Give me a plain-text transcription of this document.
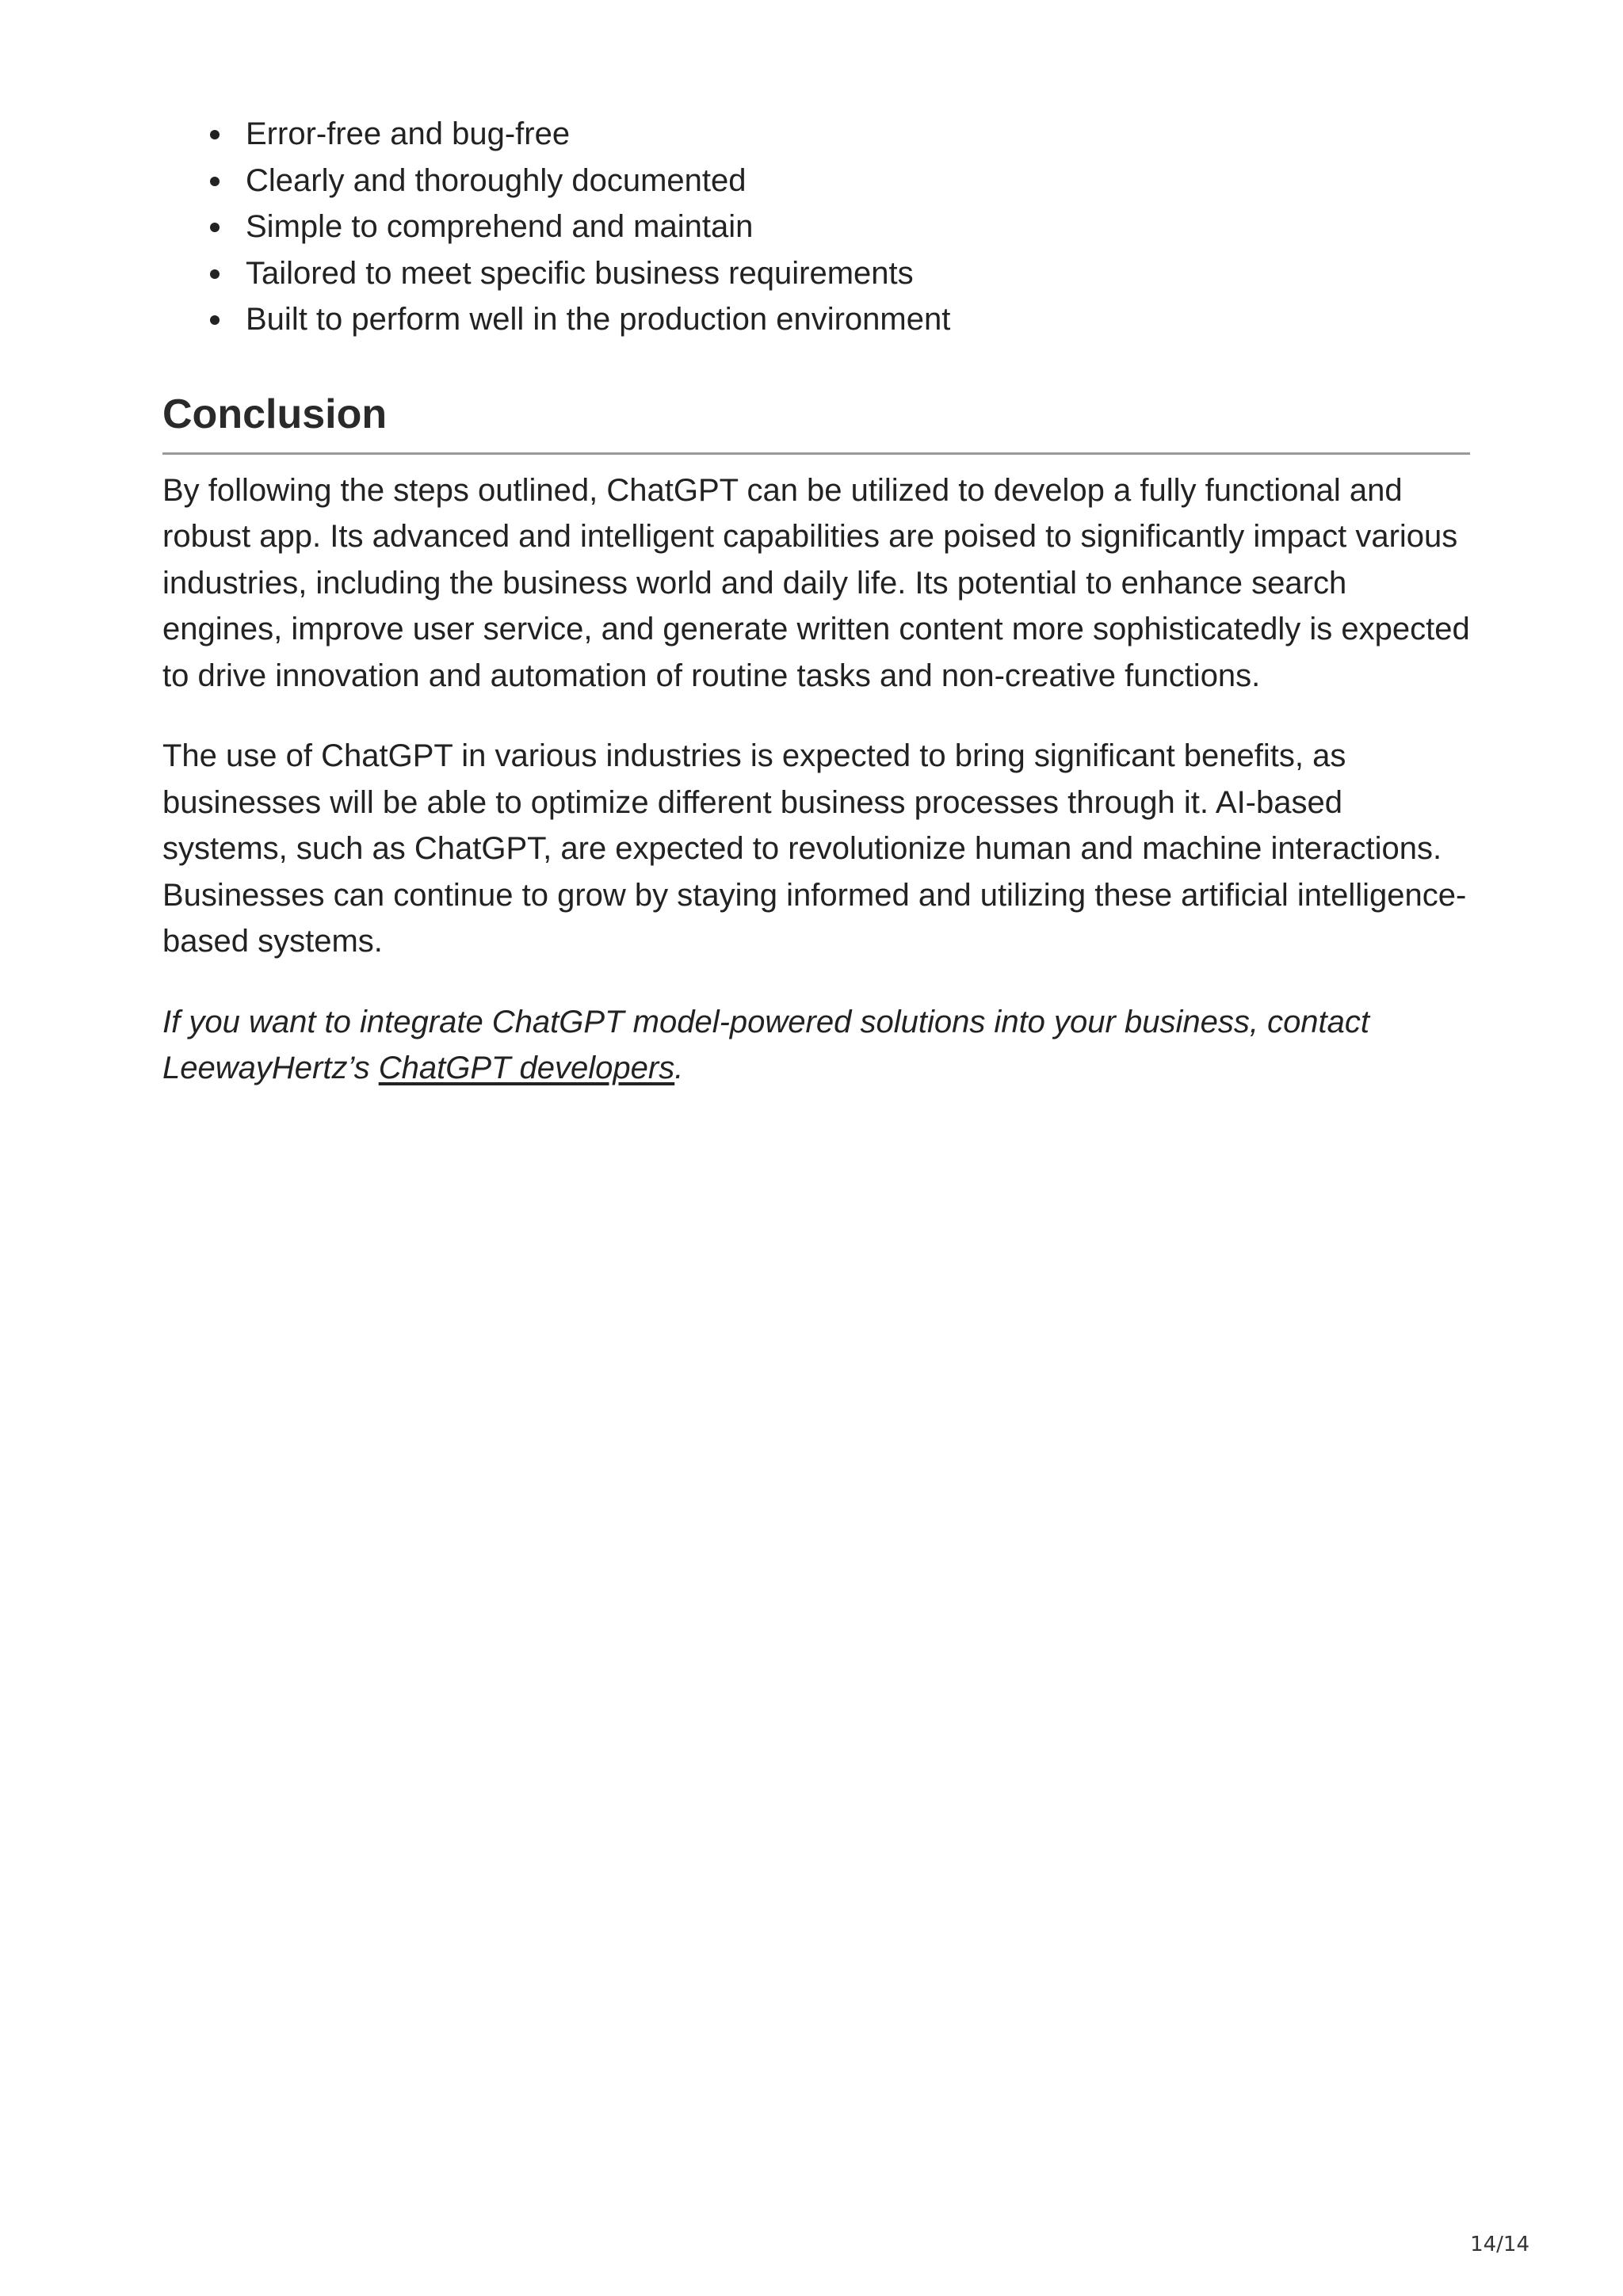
Error-free and bug-free
Clearly and thoroughly documented
Simple to comprehend and maintain
Tailored to meet specific business requirements
Built to perform well in the production environment
Conclusion

By following the steps outlined, ChatGPT can be utilized to develop a fully functional and robust app. Its advanced and intelligent capabilities are poised to significantly impact various industries, including the business world and daily life. Its potential to enhance search engines, improve user service, and generate written content more sophisticatedly is expected to drive innovation and automation of routine tasks and non-creative functions.

The use of ChatGPT in various industries is expected to bring significant benefits, as businesses will be able to optimize different business processes through it. AI-based systems, such as ChatGPT, are expected to revolutionize human and machine interactions. Businesses can continue to grow by staying informed and utilizing these artificial intelligence-based systems.

If you want to integrate ChatGPT model-powered solutions into your business, contact LeewayHertz’s ChatGPT developers.

14/14
